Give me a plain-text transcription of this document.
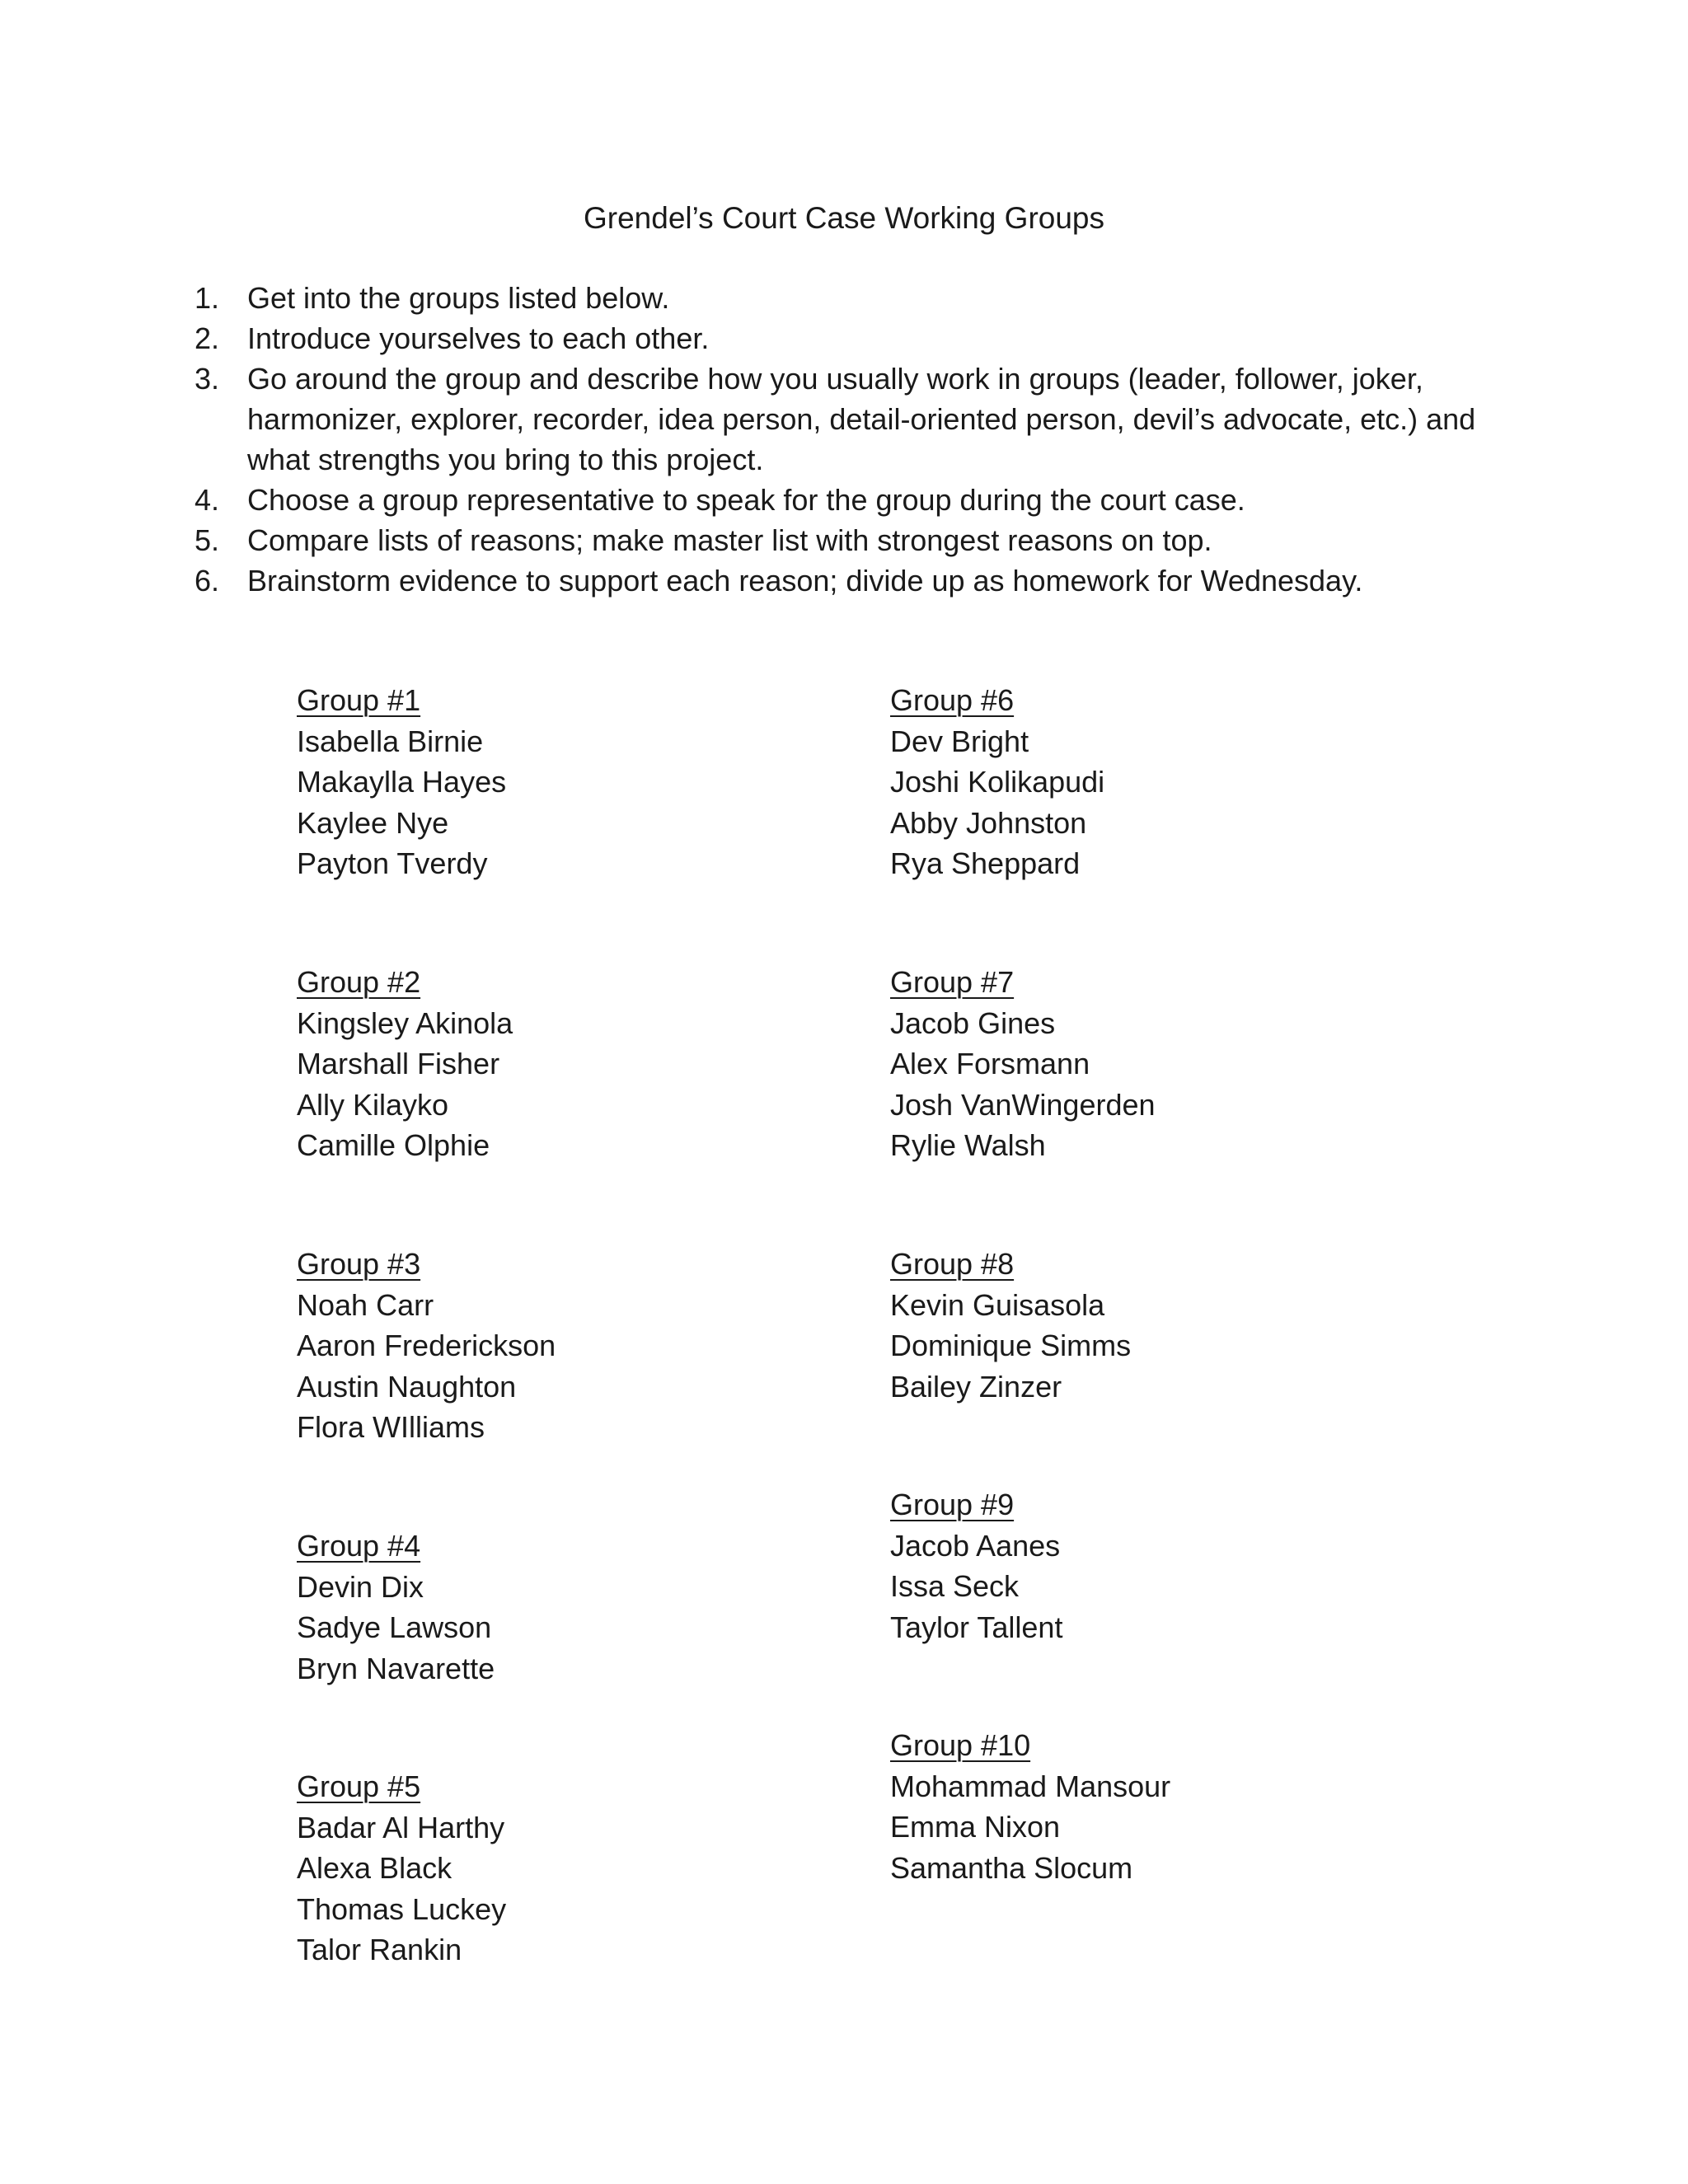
Grendel’s Court Case Working Groups
1. Get into the groups listed below.
2. Introduce yourselves to each other.
3. Go around the group and describe how you usually work in groups (leader, follower, joker, harmonizer, explorer, recorder, idea person, detail-oriented person, devil’s advocate, etc.) and what strengths you bring to this project.
4. Choose a group representative to speak for the group during the court case.
5. Compare lists of reasons; make master list with strongest reasons on top.
6. Brainstorm evidence to support each reason; divide up as homework for Wednesday.
Group #1
Isabella Birnie
Makaylla Hayes
Kaylee Nye
Payton Tverdy
Group #2
Kingsley Akinola
Marshall Fisher
Ally Kilayko
Camille Olphie
Group #3
Noah Carr
Aaron Frederickson
Austin Naughton
Flora WIlliams
Group #4
Devin Dix
Sadye Lawson
Bryn Navarette
Group #5
Badar Al Harthy
Alexa Black
Thomas Luckey
Talor Rankin
Group #6
Dev Bright
Joshi Kolikapudi
Abby Johnston
Rya Sheppard
Group #7
Jacob Gines
Alex Forsmann
Josh VanWingerden
Rylie Walsh
Group #8
Kevin Guisasola
Dominique Simms
Bailey Zinzer
Group #9
Jacob Aanes
Issa Seck
Taylor Tallent
Group #10
Mohammad Mansour
Emma Nixon
Samantha Slocum
